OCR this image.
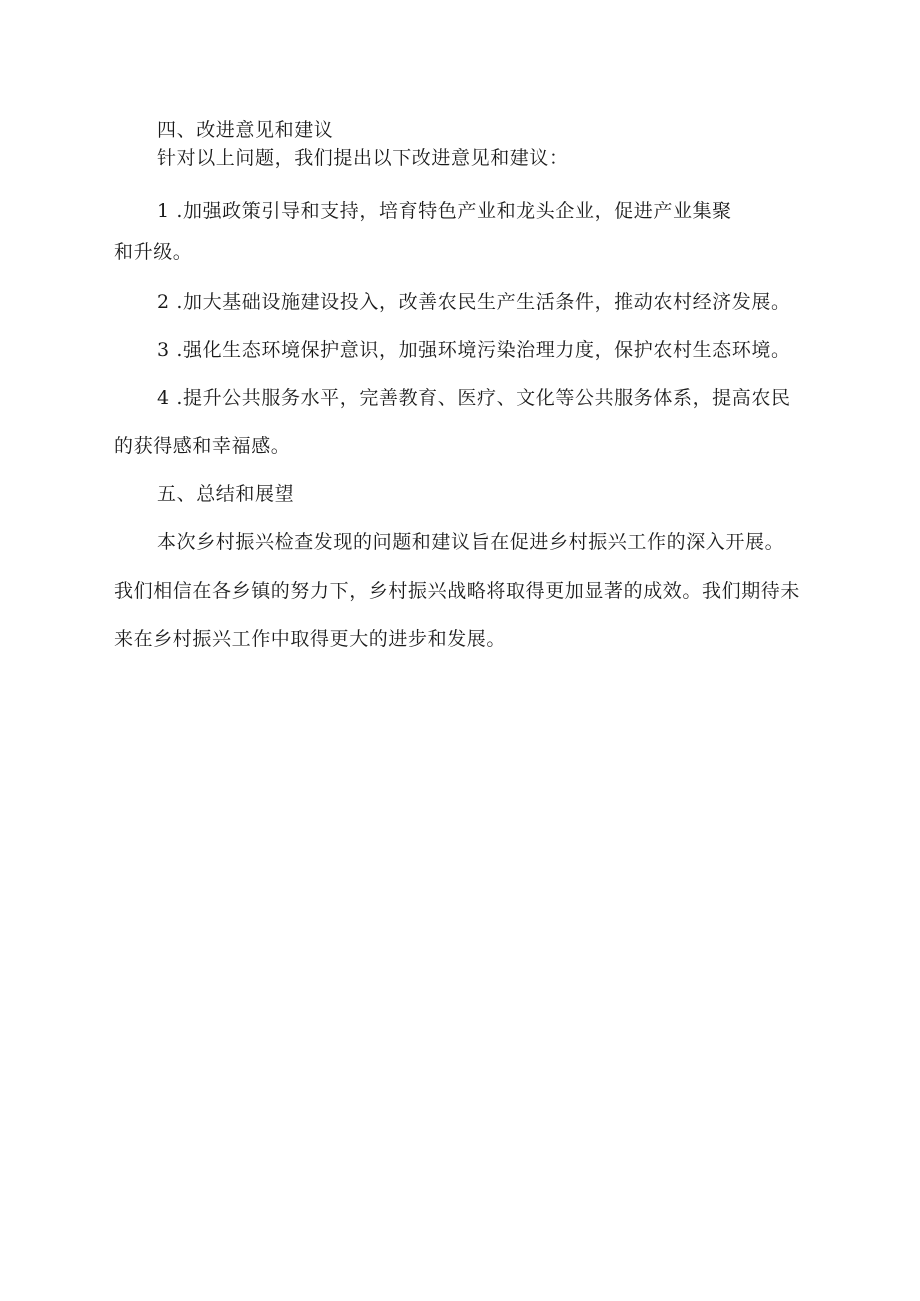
四、改进意见和建议
针对以上问题，我们提出以下改进意见和建议：
1 .加强政策引导和支持，培育特色产业和龙头企业，促进产业集聚
和升级。
2 .加大基础设施建设投入，改善农民生产生活条件，推动农村经济发展。
3 .强化生态环境保护意识，加强环境污染治理力度，保护农村生态环境。
4 .提升公共服务水平，完善教育、医疗、文化等公共服务体系，提高农民
的获得感和幸福感。
五、总结和展望
本次乡村振兴检查发现的问题和建议旨在促进乡村振兴工作的深入开展。
我们相信在各乡镇的努力下，乡村振兴战略将取得更加显著的成效。我们期待未
来在乡村振兴工作中取得更大的进步和发展。
